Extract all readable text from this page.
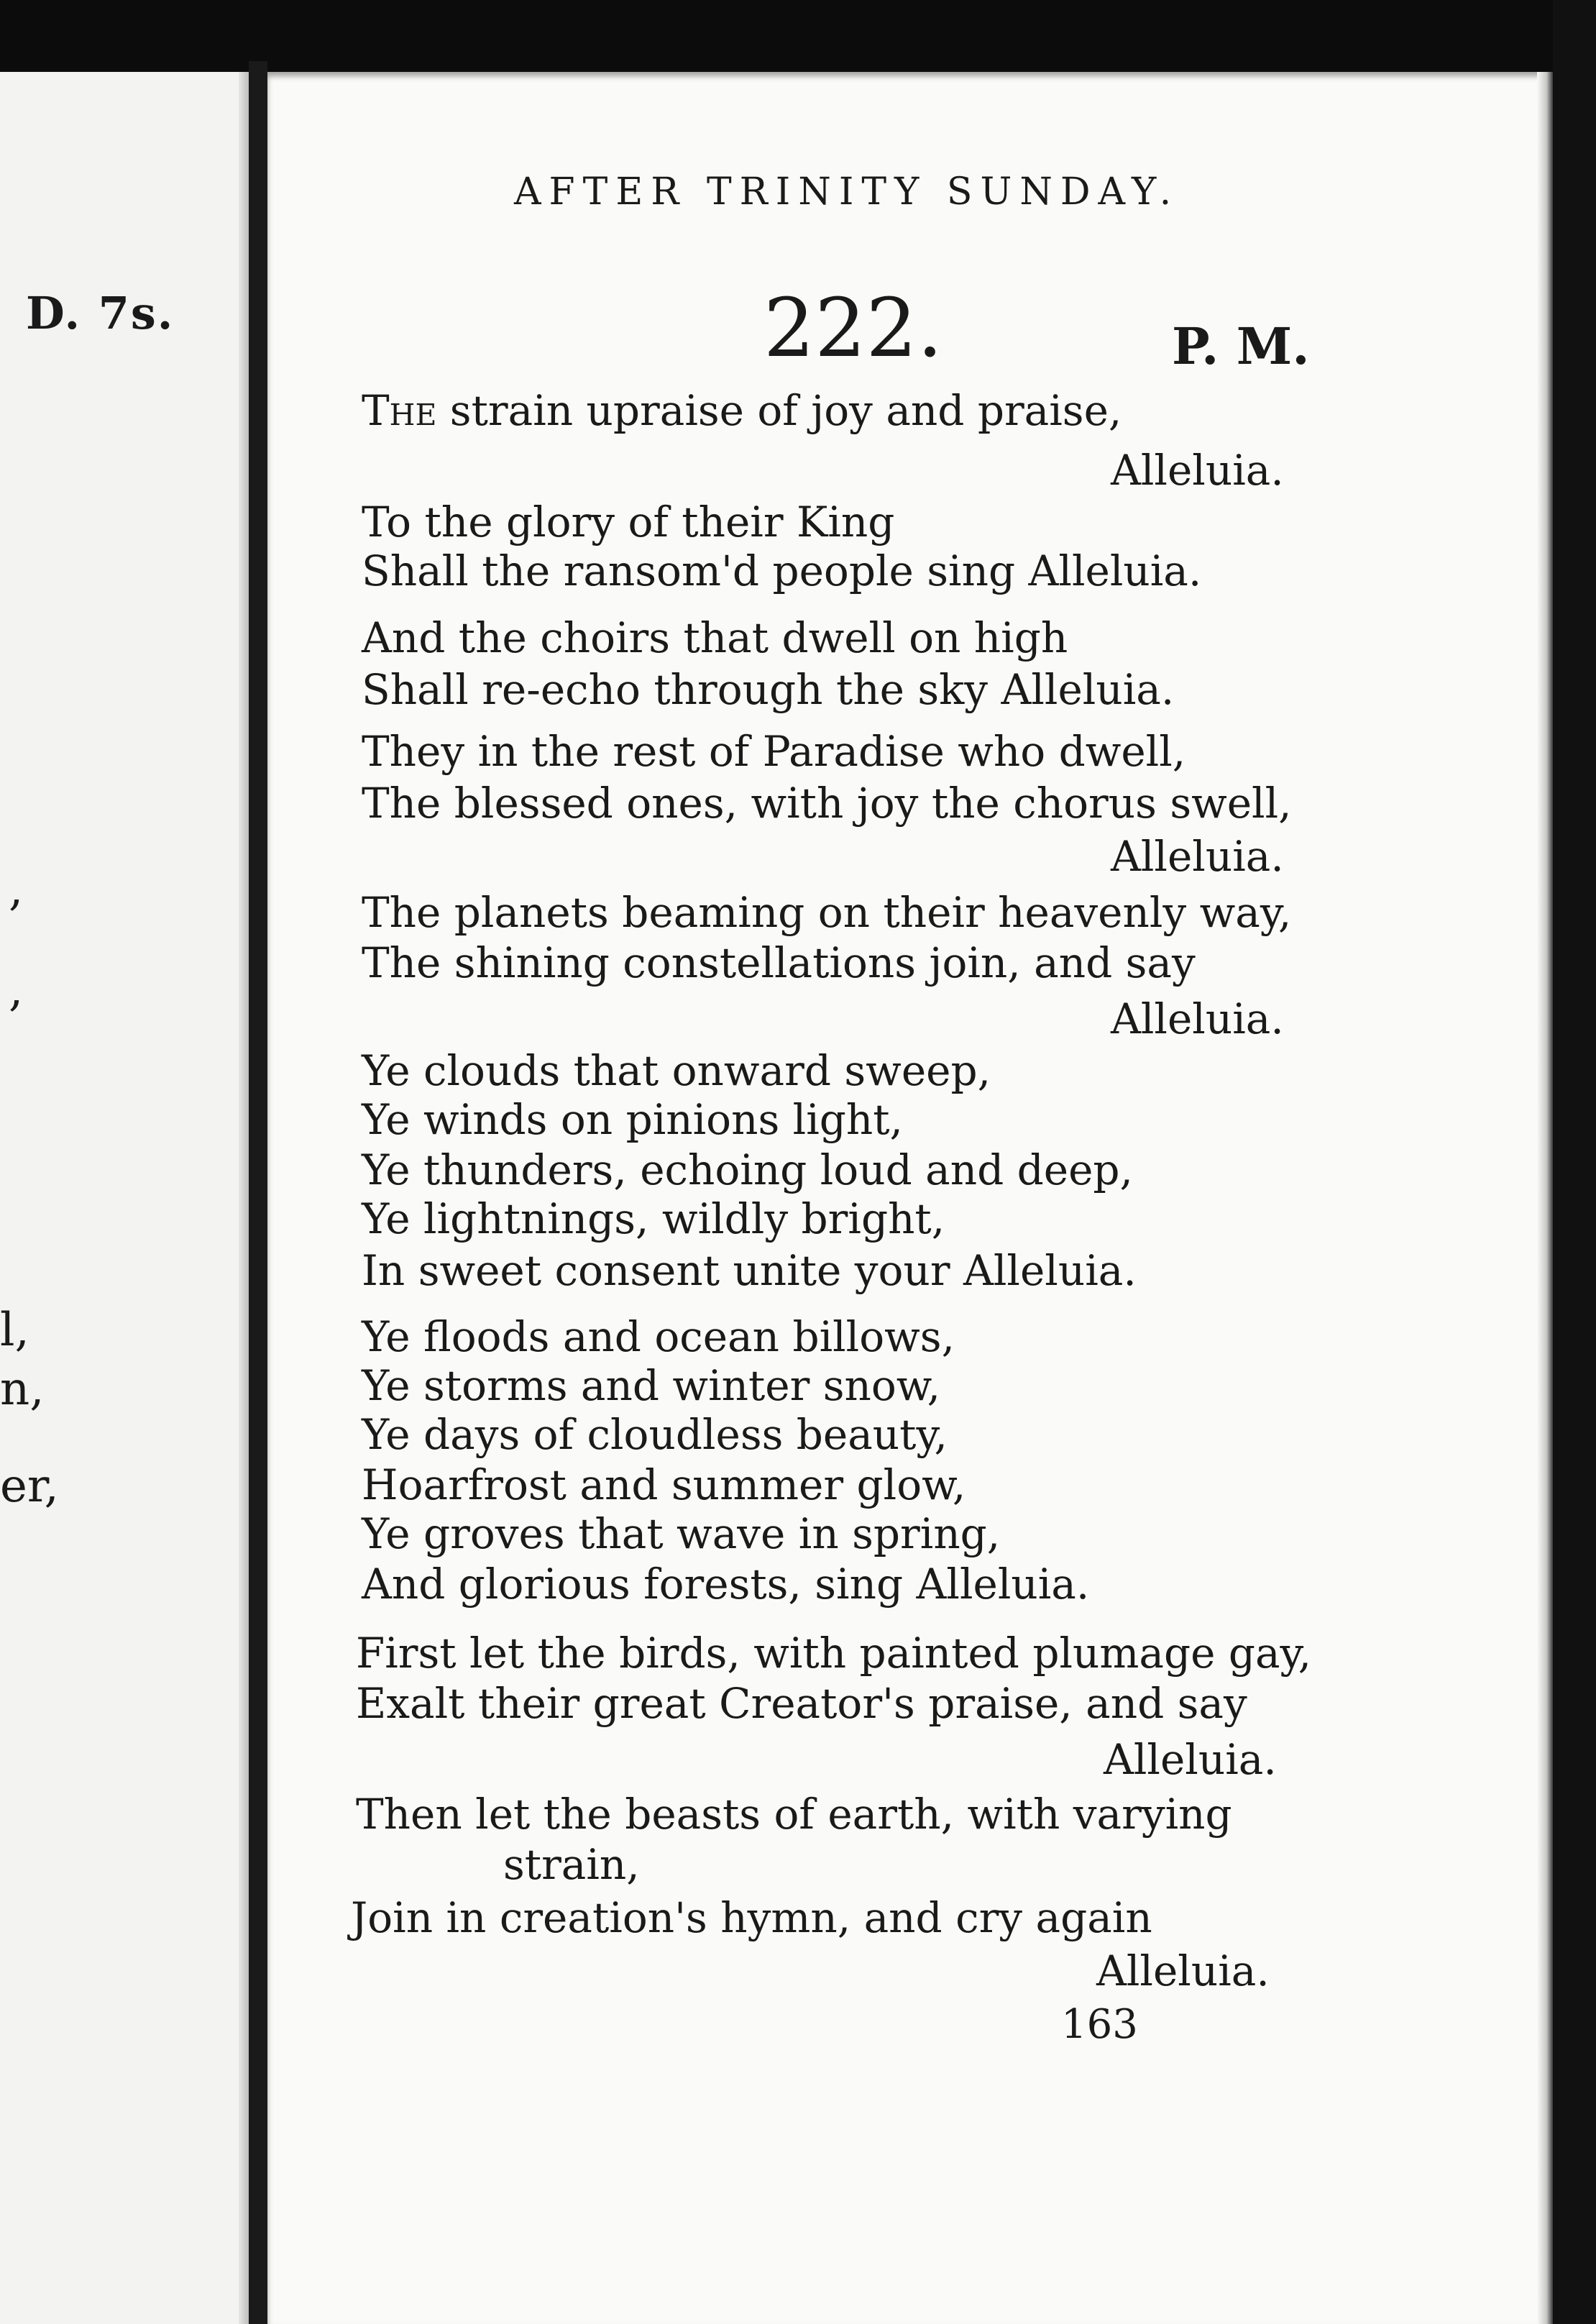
D. 7s.
,
,
l,
n,
er,
AFTER TRINITY SUNDAY.
222.	P. M.
The strain upraise of joy and praise,
Alleluia.
To the glory of their King
Shall the ransom'd people sing Alleluia.
And the choirs that dwell on high
Shall re-echo through the sky Alleluia.
They in the rest of Paradise who dwell,
The blessed ones, with joy the chorus swell,
Alleluia.
The planets beaming on their heavenly way,
The shining constellations join, and say
Alleluia.
Ye clouds that onward sweep,
Ye winds on pinions light,
Ye thunders, echoing loud and deep,
Ye lightnings, wildly bright,
In sweet consent unite your Alleluia.
Ye floods and ocean billows,
Ye storms and winter snow,
Ye days of cloudless beauty,
Hoarfrost and summer glow,
Ye groves that wave in spring,
And glorious forests, sing Alleluia.
First let the birds, with painted plumage gay,
Exalt their great Creator's praise, and say
Alleluia.
Then let the beasts of earth, with varying
strain,
Join in creation's hymn, and cry again
Alleluia.
163
